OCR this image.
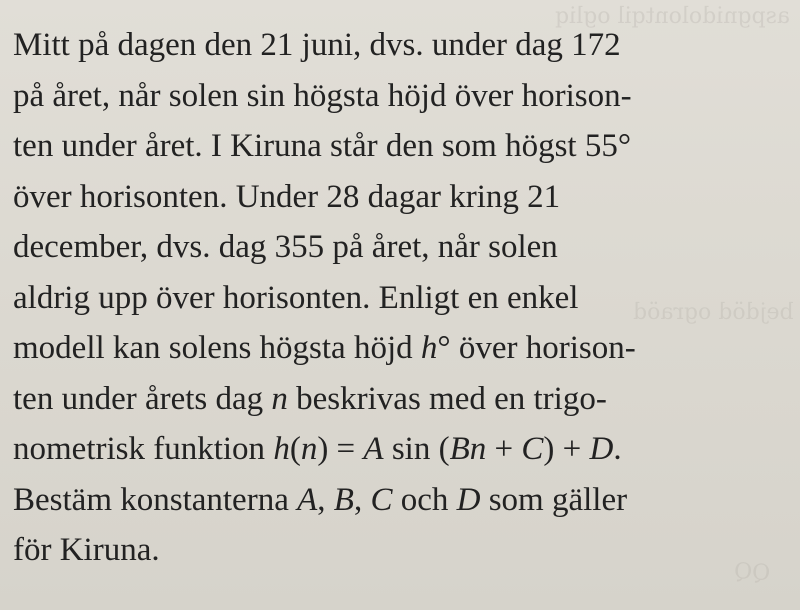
aspgnidolontqil ogliq
bejdöd ograöd
QQ
Mitt på dagen den 21 juni, dvs. under dag 172
på året, når solen sin högsta höjd över horison-
ten under året. I Kiruna står den som högst 55°
över horisonten. Under 28 dagar kring 21
december, dvs. dag 355 på året, når solen
aldrig upp över horisonten. Enligt en enkel
modell kan solens högsta höjd h° över horison-
ten under årets dag n beskrivas med en trigo-
nometrisk funktion h(n) = A sin (Bn + C) + D.
Bestäm konstanterna A, B, C och D som gäller
för Kiruna.
